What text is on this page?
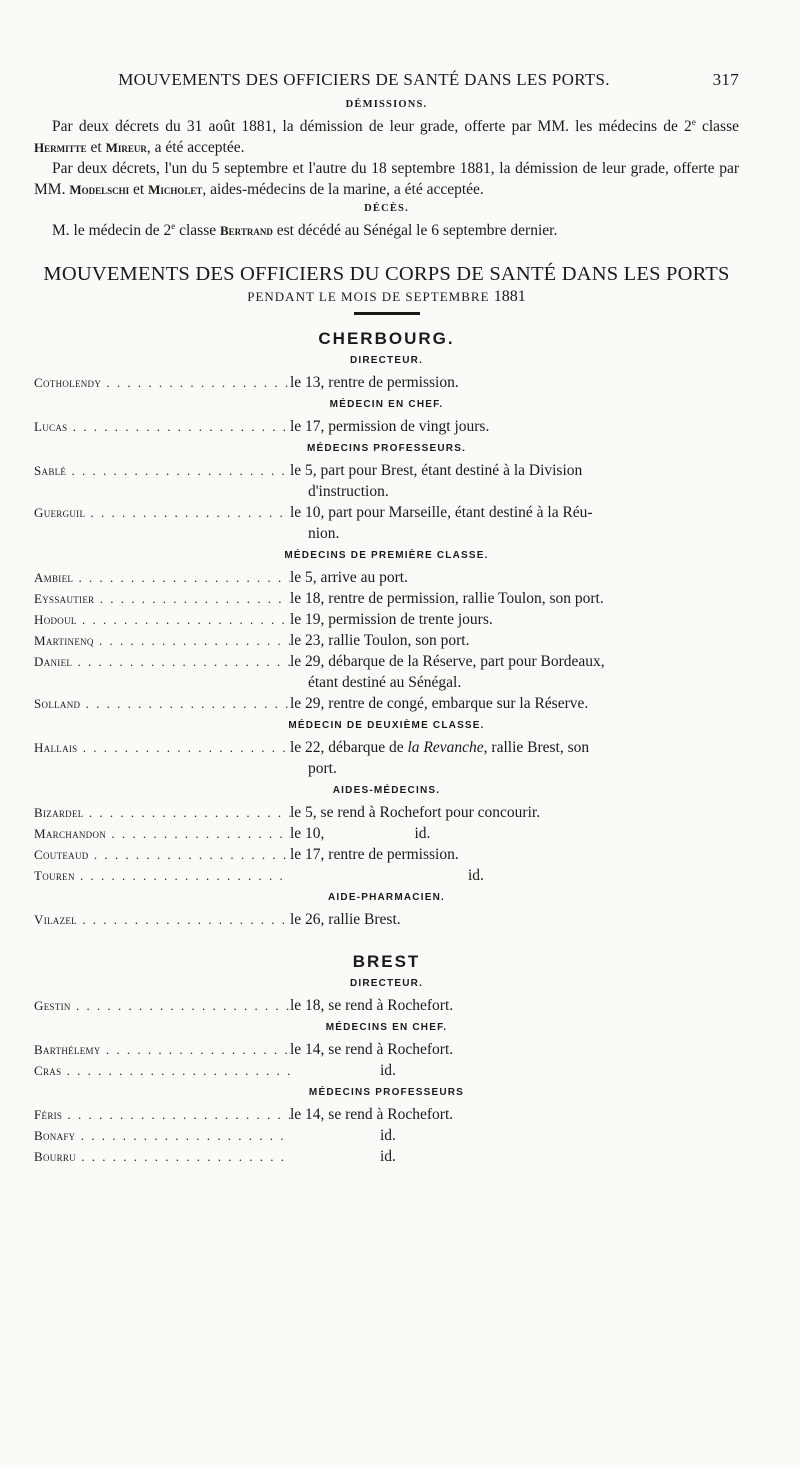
MOUVEMENTS DES OFFICIERS DE SANTÉ DANS LES PORTS.	317
DÉMISSIONS.

Par deux décrets du 31 août 1881, la démission de leur grade, offerte par MM. les médecins de 2e classe Hermitte et Mireur, a été acceptée.

Par deux décrets, l'un du 5 septembre et l'autre du 18 septembre 1881, la démission de leur grade, offerte par MM. Modelschi et Micholet, aides-médecins de la marine, a été acceptée.

DÉCÈS.

M. le médecin de 2e classe Bertrand est décédé au Sénégal le 6 septembre dernier.

MOUVEMENTS DES OFFICIERS DU CORPS DE SANTÉ DANS LES PORTS
PENDANT LE MOIS DE SEPTEMBRE 1881
CHERBOURG.
DIRECTEUR.
Cotholendy . . .	le 13, rentre de permission.
MÉDECIN EN CHEF.
Lucas . . .	le 17, permission de vingt jours.
MÉDECINS PROFESSEURS.
Sablé . . .	le 5, part pour Brest, étant destiné à la Division
d'instruction.
Guerguil . . .	le 10, part pour Marseille, étant destiné à la Réu-
nion.
MÉDECINS DE PREMIÈRE CLASSE.
Ambiel . . .	le 5, arrive au port.
Eyssautier . . .	le 18, rentre de permission, rallie Toulon, son port.
Hodoul . . .	le 19, permission de trente jours.
Martinenq . . .	le 23, rallie Toulon, son port.
Daniel . . .	le 29, débarque de la Réserve, part pour Bordeaux,
étant destiné au Sénégal.
Solland . . .	le 29, rentre de congé, embarque sur la Réserve.
MÉDECIN DE DEUXIÈME CLASSE.
Hallais . . .	le 22, débarque de la Revanche, rallie Brest, son
port.
AIDES-MÉDECINS.
Bizardel . . .	le 5, se rend à Rochefort pour concourir.
Marchandon . . .	le 10,	id.
Couteaud . . .	le 17, rentre de permission.
Touren . . .	id.
AIDE-PHARMACIEN.
Vilazel . . .	le 26, rallie Brest.
BREST
DIRECTEUR.
Gestin . . .	le 18, se rend à Rochefort.
MÉDECINS EN CHEF.
Barthélemy . . .	le 14, se rend à Rochefort.
Cras . . .	id.
MÉDECINS PROFESSEURS
Féris . . .	le 14, se rend à Rochefort.
Bonafy . . .	id.
Bourru . . .	id.
